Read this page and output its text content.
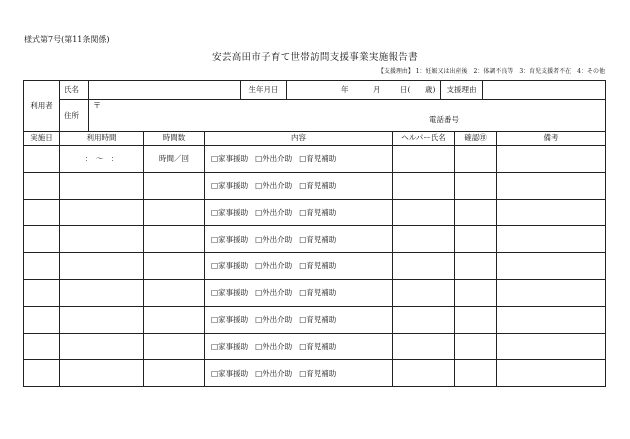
様式第7号(第11条関係)
安芸高田市子育て世帯訪問支援事業実施報告書
【支援理由】 1：妊娠又は出産後　2：体調不良等　3：育児支援者不在　4：その他
利用者	氏名		生年月日	年 月 日( 歳)	支援理由	
	住所	〒
電話番号				
実施日	利用時間	時間数	内容	ヘルパー氏名	確認㊞	備考
	：　〜　：	時間／回	□家事援助 □外出介助 □育児補助			
			□家事援助 □外出介助 □育児補助			
			□家事援助 □外出介助 □育児補助			
			□家事援助 □外出介助 □育児補助			
			□家事援助 □外出介助 □育児補助			
			□家事援助 □外出介助 □育児補助			
			□家事援助 □外出介助 □育児補助			
			□家事援助 □外出介助 □育児補助			
			□家事援助 □外出介助 □育児補助			
